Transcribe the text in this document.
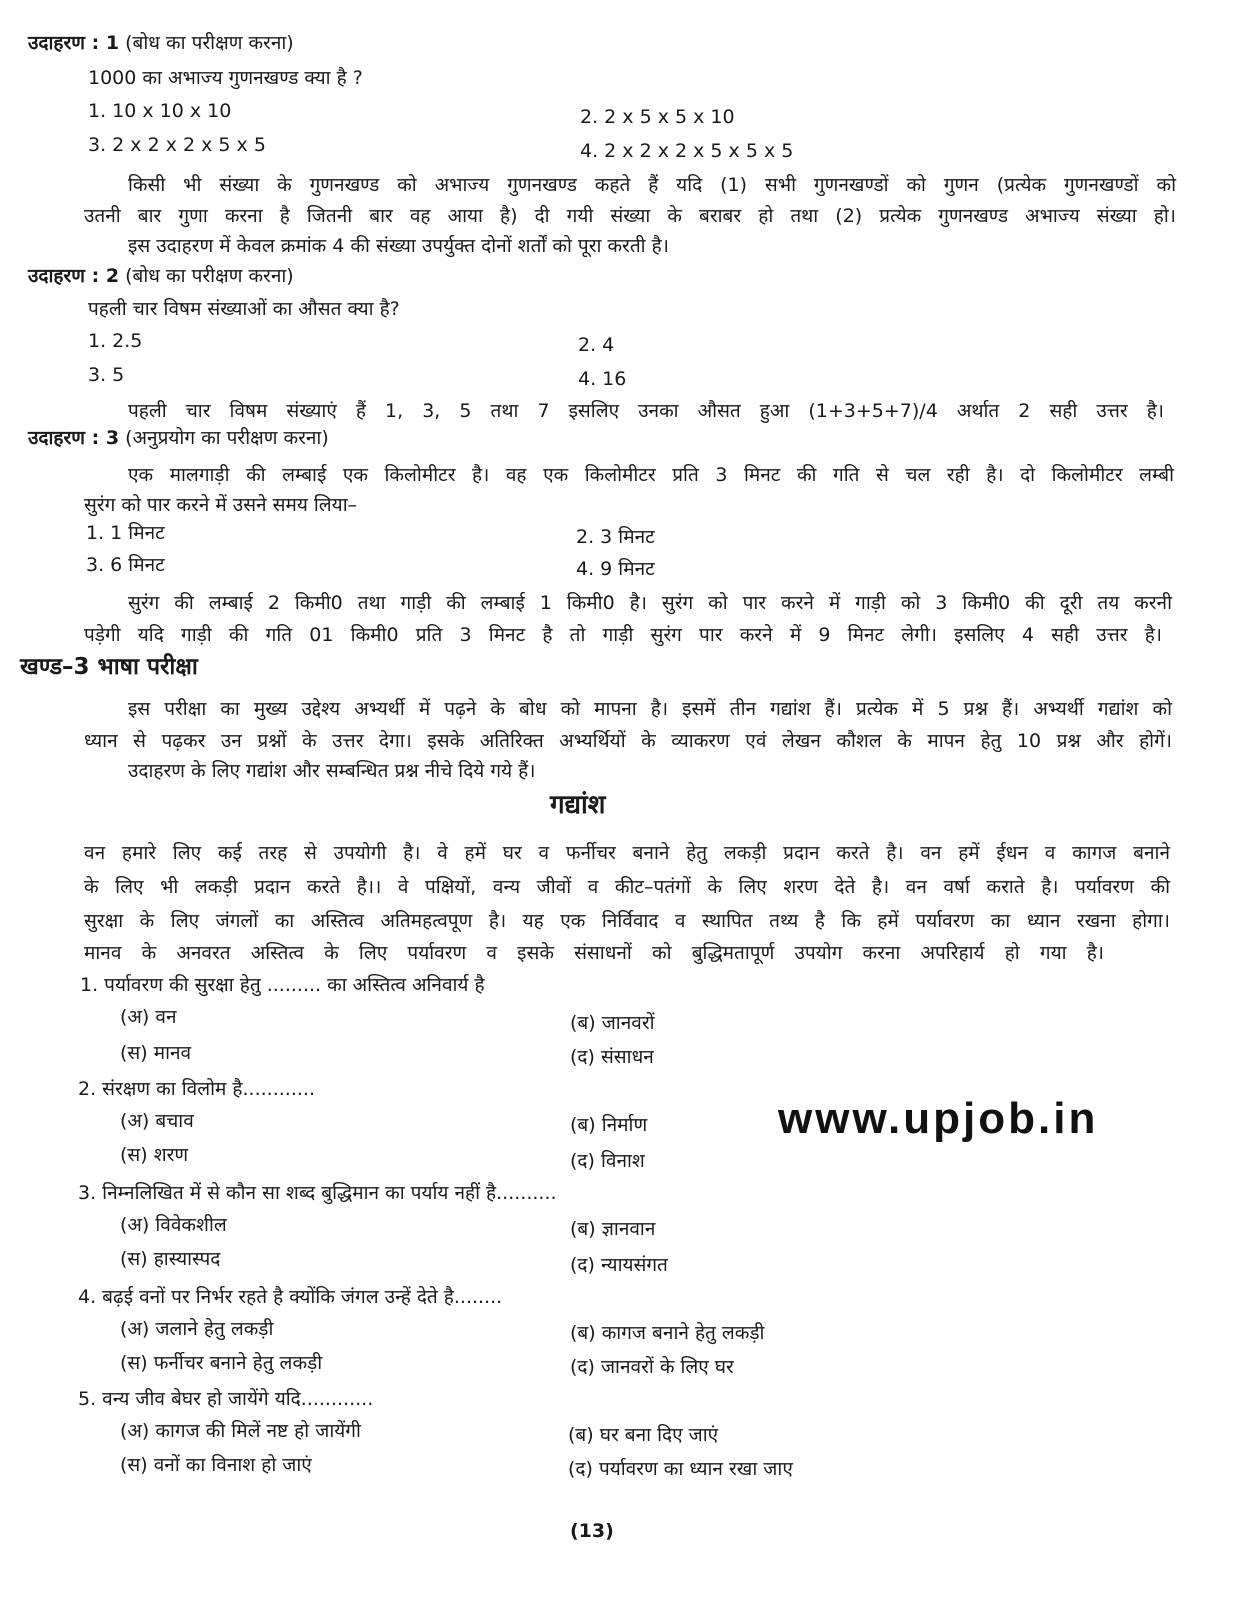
उदाहरण : 1 (बोध का परीक्षण करना)
1000 का अभाज्य गुणनखण्ड क्या है ?
1. 10 x 10 x 10	2. 2 x 5 x 5 x 10
3. 2 x 2 x 2 x 5 x 5	4. 2 x 2 x 2 x 5 x 5 x 5
किसी भी संख्या के गुणनखण्ड को अभाज्य गुणनखण्ड कहते हैं यदि (1) सभी गुणनखण्डों को गुणन (प्रत्येक गुणनखण्डों को
उतनी बार गुणा करना है जितनी बार वह आया है) दी गयी संख्या के बराबर हो तथा (2) प्रत्येक गुणनखण्ड अभाज्य संख्या हो।
इस उदाहरण में केवल क्रमांक 4 की संख्या उपर्युक्त दोनों शर्तों को पूरा करती है।
उदाहरण : 2 (बोध का परीक्षण करना)
पहली चार विषम संख्याओं का औसत क्या है?
1. 2.5	2. 4
3. 5	4. 16
पहली चार विषम संख्याएं हैं 1, 3, 5 तथा 7 इसलिए उनका औसत हुआ (1+3+5+7)/4 अर्थात 2 सही उत्तर है।
उदाहरण : 3 (अनुप्रयोग का परीक्षण करना)
एक मालगाड़ी की लम्बाई एक किलोमीटर है। वह एक किलोमीटर प्रति 3 मिनट की गति से चल रही है। दो किलोमीटर लम्बी
सुरंग को पार करने में उसने समय लिया–
1. 1 मिनट	2. 3 मिनट
3. 6 मिनट	4. 9 मिनट
सुरंग की लम्बाई 2 किमी0 तथा गाड़ी की लम्बाई 1 किमी0 है। सुरंग को पार करने में गाड़ी को 3 किमी0 की दूरी तय करनी
पड़ेगी यदि गाड़ी की गति 01 किमी0 प्रति 3 मिनट है तो गाड़ी सुरंग पार करने में 9 मिनट लेगी। इसलिए 4 सही उत्तर है।
खण्ड–3 भाषा परीक्षा
इस परीक्षा का मुख्य उद्देश्य अभ्यर्थी में पढ़ने के बोध को मापना है। इसमें तीन गद्यांश हैं। प्रत्येक में 5 प्रश्न हैं। अभ्यर्थी गद्यांश को
ध्यान से पढ़कर उन प्रश्नों के उत्तर देगा। इसके अतिरिक्त अभ्यर्थियों के व्याकरण एवं लेखन कौशल के मापन हेतु 10 प्रश्न और होगें।
उदाहरण के लिए गद्यांश और सम्बन्धित प्रश्न नीचे दिये गये हैं।
गद्यांश
वन हमारे लिए कई तरह से उपयोगी है। वे हमें घर व फर्नीचर बनाने हेतु लकड़ी प्रदान करते है। वन हमें ईधन व कागज बनाने
के लिए भी लकड़ी प्रदान करते है।। वे पक्षियों, वन्य जीवों व कीट–पतंगों के लिए शरण देते है। वन वर्षा कराते है। पर्यावरण की
सुरक्षा के लिए जंगलों का अस्तित्व अतिमहत्वपूण है। यह एक निर्विवाद व स्थापित तथ्य है कि हमें पर्यावरण का ध्यान रखना होगा।
मानव के अनवरत अस्तित्व के लिए पर्यावरण व इसके संसाधनों को बुद्धिमतापूर्ण उपयोग करना अपरिहार्य हो गया है।
1. पर्यावरण की सुरक्षा हेतु ......... का अस्तित्व अनिवार्य है
(अ) वन	(ब) जानवरों
(स) मानव	(द) संसाधन
2. संरक्षण का विलोम है............
(अ) बचाव	(ब) निर्माण
(स) शरण	(द) विनाश
www.upjob.in
3. निम्नलिखित में से कौन सा शब्द बुद्धिमान का पर्याय नहीं है..........
(अ) विवेकशील	(ब) ज्ञानवान
(स) हास्यास्पद	(द) न्यायसंगत
4. बढ़ई वनों पर निर्भर रहते है क्योंकि जंगल उन्हें देते है........
(अ) जलाने हेतु लकड़ी	(ब) कागज बनाने हेतु लकड़ी
(स) फर्नीचर बनाने हेतु लकड़ी	(द) जानवरों के लिए घर
5. वन्य जीव बेघर हो जायेंगे यदि............
(अ) कागज की मिलें नष्ट हो जायेंगी	(ब) घर बना दिए जाएं
(स) वनों का विनाश हो जाएं	(द) पर्यावरण का ध्यान रखा जाए
(13)
